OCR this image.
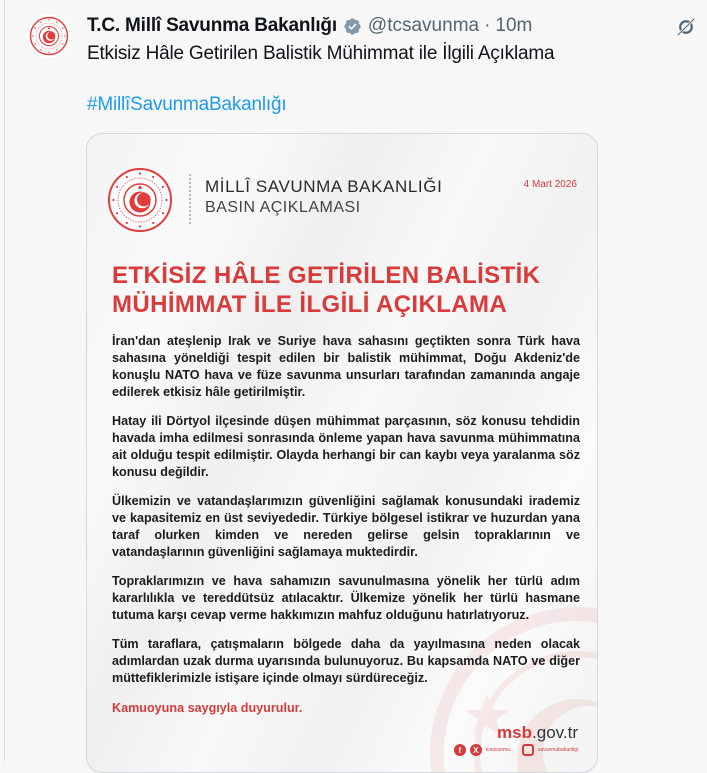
T.C. Millî Savunma Bakanlığı @tcsavunma · 10m
Etkisiz Hâle Getirilen Balistik Mühimmat ile İlgili Açıklama
#MillîSavunmaBakanlığı
MİLLÎ SAVUNMA BAKANLIĞI
BASIN AÇIKLAMASI
4 Mart 2026
ETKİSİZ HÂLE GETİRİLEN BALİSTİK MÜHİMMAT İLE İLGİLİ AÇIKLAMA

İran'dan ateşlenip Irak ve Suriye hava sahasını geçtikten sonra Türk hava sahasına yöneldiği tespit edilen bir balistik mühimmat, Doğu Akdeniz'de konuşlu NATO hava ve füze savunma unsurları tarafından zamanında angaje edilerek etkisiz hâle getirilmiştir.

Hatay ili Dörtyol ilçesinde düşen mühimmat parçasının, söz konusu tehdidin havada imha edilmesi sonrasında önleme yapan hava savunma mühimmatına ait olduğu tespit edilmiştir. Olayda herhangi bir can kaybı veya yaralanma söz konusu değildir.

Ülkemizin ve vatandaşlarımızın güvenliğini sağlamak konusundaki irademiz ve kapasitemiz en üst seviyededir. Türkiye bölgesel istikrar ve huzurdan yana taraf olurken kimden ve nereden gelirse gelsin topraklarının ve vatandaşlarının güvenliğini sağlamaya muktedirdir.

Topraklarımızın ve hava sahamızın savunulmasına yönelik her türlü adım kararlılıkla ve tereddütsüz atılacaktır. Ülkemize yönelik her türlü hasmane tutuma karşı cevap verme hakkımızın mahfuz olduğunu hatırlatıyoruz.

Tüm taraflara, çatışmaların bölgede daha da yayılmasına neden olacak adımlardan uzak durma uyarısında bulunuyoruz. Bu kapsamda NATO ve diğer müttefiklerimizle istişare içinde olmayı sürdüreceğiz.

Kamuoyuna saygıyla duyurulur.

msb.gov.tr
f	X	tcsavunma	savunmabakanligi
